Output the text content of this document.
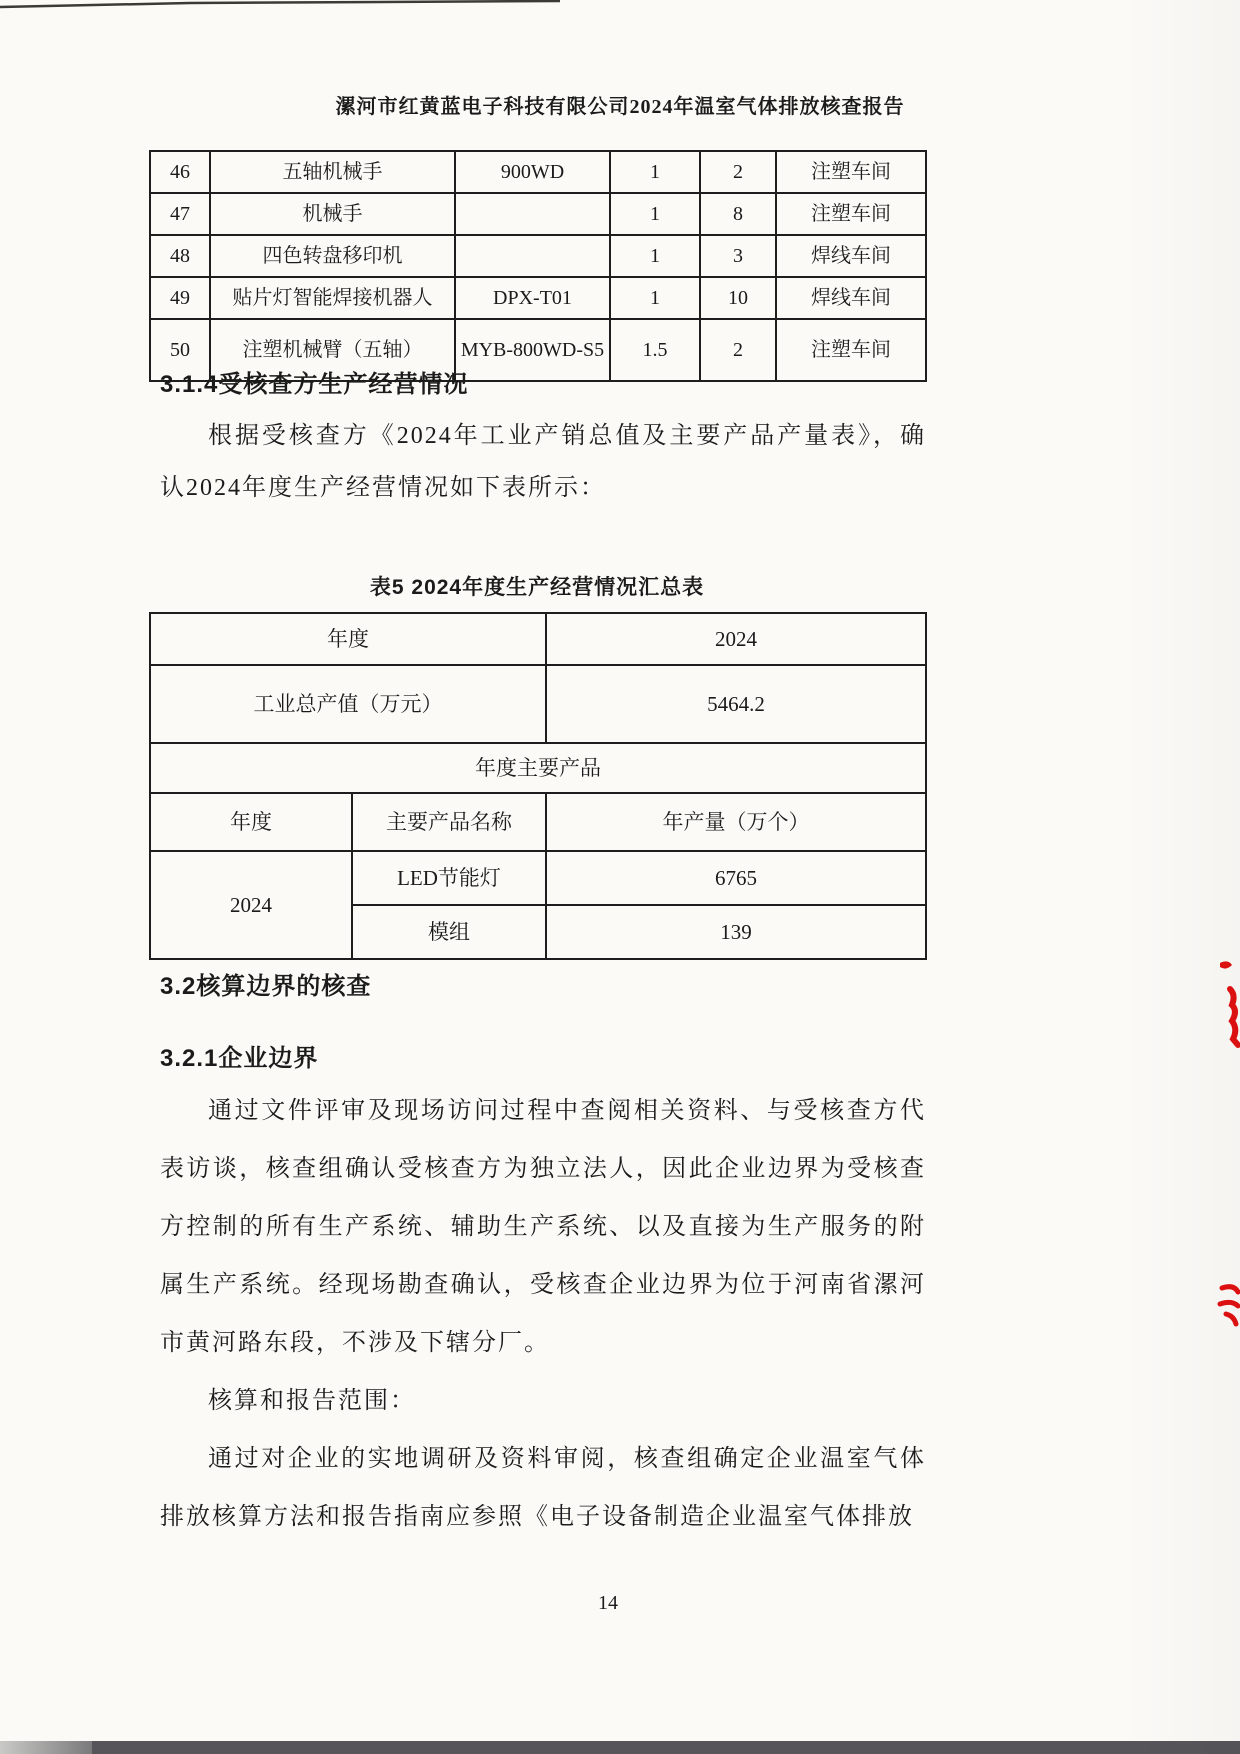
漯河市红黄蓝电子科技有限公司2024年温室气体排放核查报告
46	五轴机械手	900WD	1	2	注塑车间
47	机械手		1	8	注塑车间
48	四色转盘移印机		1	3	焊线车间
49	贴片灯智能焊接机器人	DPX-T01	1	10	焊线车间
50	注塑机械臂（五轴）	MYB-800WD-S5	1.5	2	注塑车间
3.1.4受核查方生产经营情况

根据受核查方《2024年工业产销总值及主要产品产量表》，确认2024年度生产经营情况如下表所示：

表5 2024年度生产经营情况汇总表
年度		2024
工业总产值（万元）		5464.2
年度主要产品		
年度	主要产品名称	年产量（万个）
2024	LED节能灯	6765
	模组	139
3.2核算边界的核查
3.2.1企业边界

通过文件评审及现场访问过程中查阅相关资料、与受核查方代表访谈，核查组确认受核查方为独立法人，因此企业边界为受核查方控制的所有生产系统、辅助生产系统、以及直接为生产服务的附属生产系统。经现场勘查确认，受核查企业边界为位于河南省漯河市黄河路东段，不涉及下辖分厂。

核算和报告范围：

通过对企业的实地调研及资料审阅，核查组确定企业温室气体排放核算方法和报告指南应参照《电子设备制造企业温室气体排放

14
